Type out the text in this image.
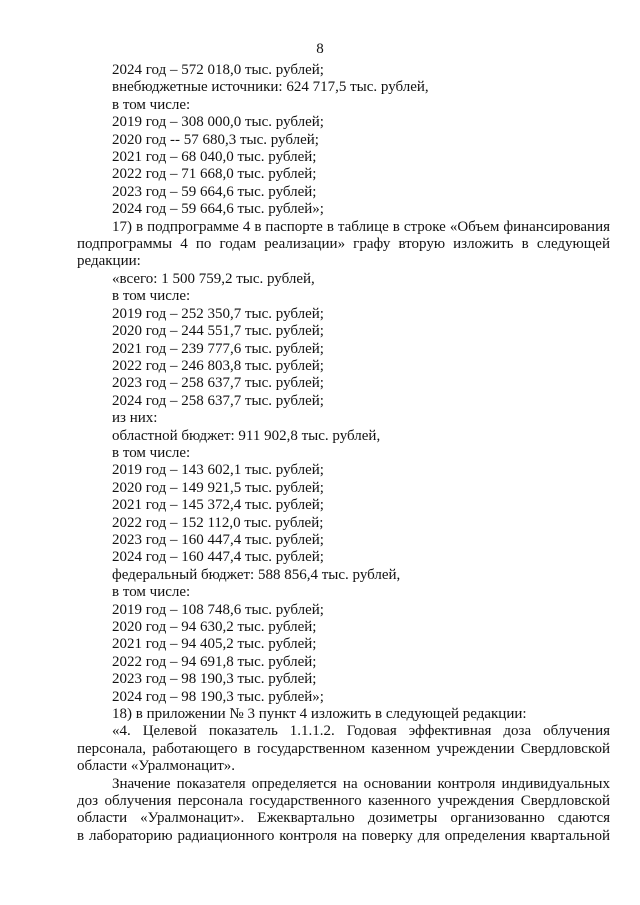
8
2024 год – 572 018,0 тыс. рублей;
внебюджетные источники: 624 717,5 тыс. рублей,
в том числе:
2019 год – 308 000,0 тыс. рублей;
2020 год -- 57 680,3 тыс. рублей;
2021 год – 68 040,0 тыс. рублей;
2022 год – 71 668,0 тыс. рублей;
2023 год – 59 664,6 тыс. рублей;
2024 год – 59 664,6 тыс. рублей»;
17) в подпрограмме 4 в паспорте в таблице в строке «Объем финансирования
подпрограммы 4 по годам реализации» графу вторую изложить в следующей
редакции:
«всего: 1 500 759,2 тыс. рублей,
в том числе:
2019 год – 252 350,7 тыс. рублей;
2020 год – 244 551,7 тыс. рублей;
2021 год – 239 777,6 тыс. рублей;
2022 год – 246 803,8 тыс. рублей;
2023 год – 258 637,7 тыс. рублей;
2024 год – 258 637,7 тыс. рублей;
из них:
областной бюджет: 911 902,8 тыс. рублей,
в том числе:
2019 год – 143 602,1 тыс. рублей;
2020 год – 149 921,5 тыс. рублей;
2021 год – 145 372,4 тыс. рублей;
2022 год – 152 112,0 тыс. рублей;
2023 год – 160 447,4 тыс. рублей;
2024 год – 160 447,4 тыс. рублей;
федеральный бюджет: 588 856,4 тыс. рублей,
в том числе:
2019 год – 108 748,6 тыс. рублей;
2020 год – 94 630,2 тыс. рублей;
2021 год – 94 405,2 тыс. рублей;
2022 год – 94 691,8 тыс. рублей;
2023 год – 98 190,3 тыс. рублей;
2024 год – 98 190,3 тыс. рублей»;
18) в приложении № 3 пункт 4 изложить в следующей редакции:
«4. Целевой показатель 1.1.1.2. Годовая эффективная доза облучения
персонала, работающего в государственном казенном учреждении Свердловской
области «Уралмонацит».
Значение показателя определяется на основании контроля индивидуальных
доз облучения персонала государственного казенного учреждения Свердловской
области «Уралмонацит». Ежеквартально дозиметры организованно сдаются
в лабораторию радиационного контроля на поверку для определения квартальной
